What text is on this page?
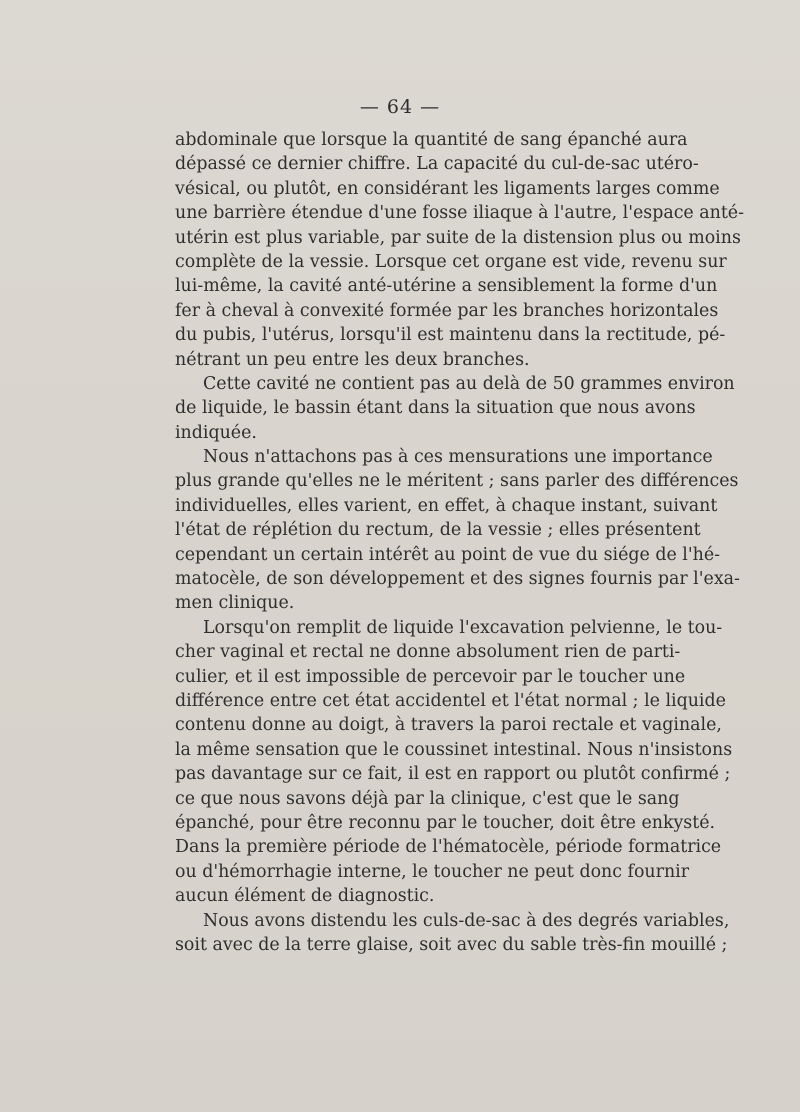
— 64 —
abdominale que lorsque la quantité de sang épanché aura
dépassé ce dernier chiffre. La capacité du cul-de-sac utéro-
vésical, ou plutôt, en considérant les ligaments larges comme
une barrière étendue d'une fosse iliaque à l'autre, l'espace anté-
utérin est plus variable, par suite de la distension plus ou moins
complète de la vessie. Lorsque cet organe est vide, revenu sur
lui-même, la cavité anté-utérine a sensiblement la forme d'un
fer à cheval à convexité formée par les branches horizontales
du pubis, l'utérus, lorsqu'il est maintenu dans la rectitude, pé-
nétrant un peu entre les deux branches.
Cette cavité ne contient pas au delà de 50 grammes environ
de liquide, le bassin étant dans la situation que nous avons
indiquée.
Nous n'attachons pas à ces mensurations une importance
plus grande qu'elles ne le méritent ; sans parler des différences
individuelles, elles varient, en effet, à chaque instant, suivant
l'état de réplétion du rectum, de la vessie ; elles présentent
cependant un certain intérêt au point de vue du siége de l'hé-
matocèle, de son développement et des signes fournis par l'exa-
men clinique.
Lorsqu'on remplit de liquide l'excavation pelvienne, le tou-
cher vaginal et rectal ne donne absolument rien de parti-
culier, et il est impossible de percevoir par le toucher une
différence entre cet état accidentel et l'état normal ; le liquide
contenu donne au doigt, à travers la paroi rectale et vaginale,
la même sensation que le coussinet intestinal. Nous n'insistons
pas davantage sur ce fait, il est en rapport ou plutôt confirmé ;
ce que nous savons déjà par la clinique, c'est que le sang
épanché, pour être reconnu par le toucher, doit être enkysté.
Dans la première période de l'hématocèle, période formatrice
ou d'hémorrhagie interne, le toucher ne peut donc fournir
aucun élément de diagnostic.
Nous avons distendu les culs-de-sac à des degrés variables,
soit avec de la terre glaise, soit avec du sable très-fin mouillé ;
